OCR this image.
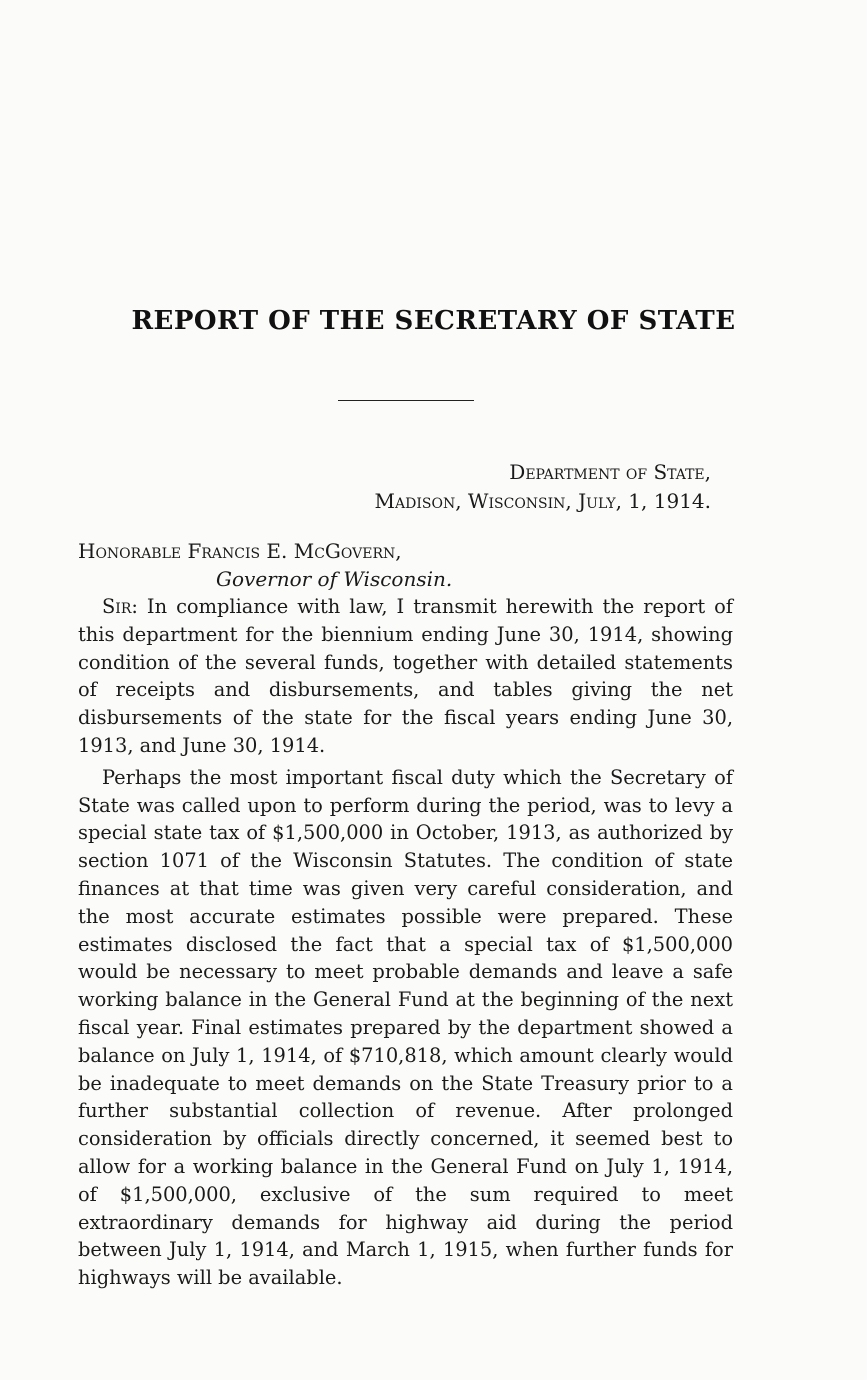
REPORT OF THE SECRETARY OF STATE
Department of State,
Madison, Wisconsin, July, 1, 1914.
Honorable Francis E. McGovern,
Governor of Wisconsin.

Sir: In compliance with law, I transmit herewith the report of this department for the biennium ending June 30, 1914, showing condition of the several funds, together with detailed statements of receipts and disbursements, and tables giving the net disbursements of the state for the fiscal years ending June 30, 1913, and June 30, 1914.

Perhaps the most important fiscal duty which the Secretary of State was called upon to perform during the period, was to levy a special state tax of $1,500,000 in October, 1913, as authorized by section 1071 of the Wisconsin Statutes. The condition of state finances at that time was given very careful consideration, and the most accurate estimates possible were prepared. These estimates disclosed the fact that a special tax of $1,500,000 would be necessary to meet probable demands and leave a safe working balance in the General Fund at the beginning of the next fiscal year. Final estimates prepared by the department showed a balance on July 1, 1914, of $710,818, which amount clearly would be inadequate to meet demands on the State Treasury prior to a further substantial collection of revenue. After prolonged consideration by officials directly concerned, it seemed best to allow for a working balance in the General Fund on July 1, 1914, of $1,500,000, exclusive of the sum required to meet extraordinary demands for highway aid during the period between July 1, 1914, and March 1, 1915, when further funds for highways will be available.
